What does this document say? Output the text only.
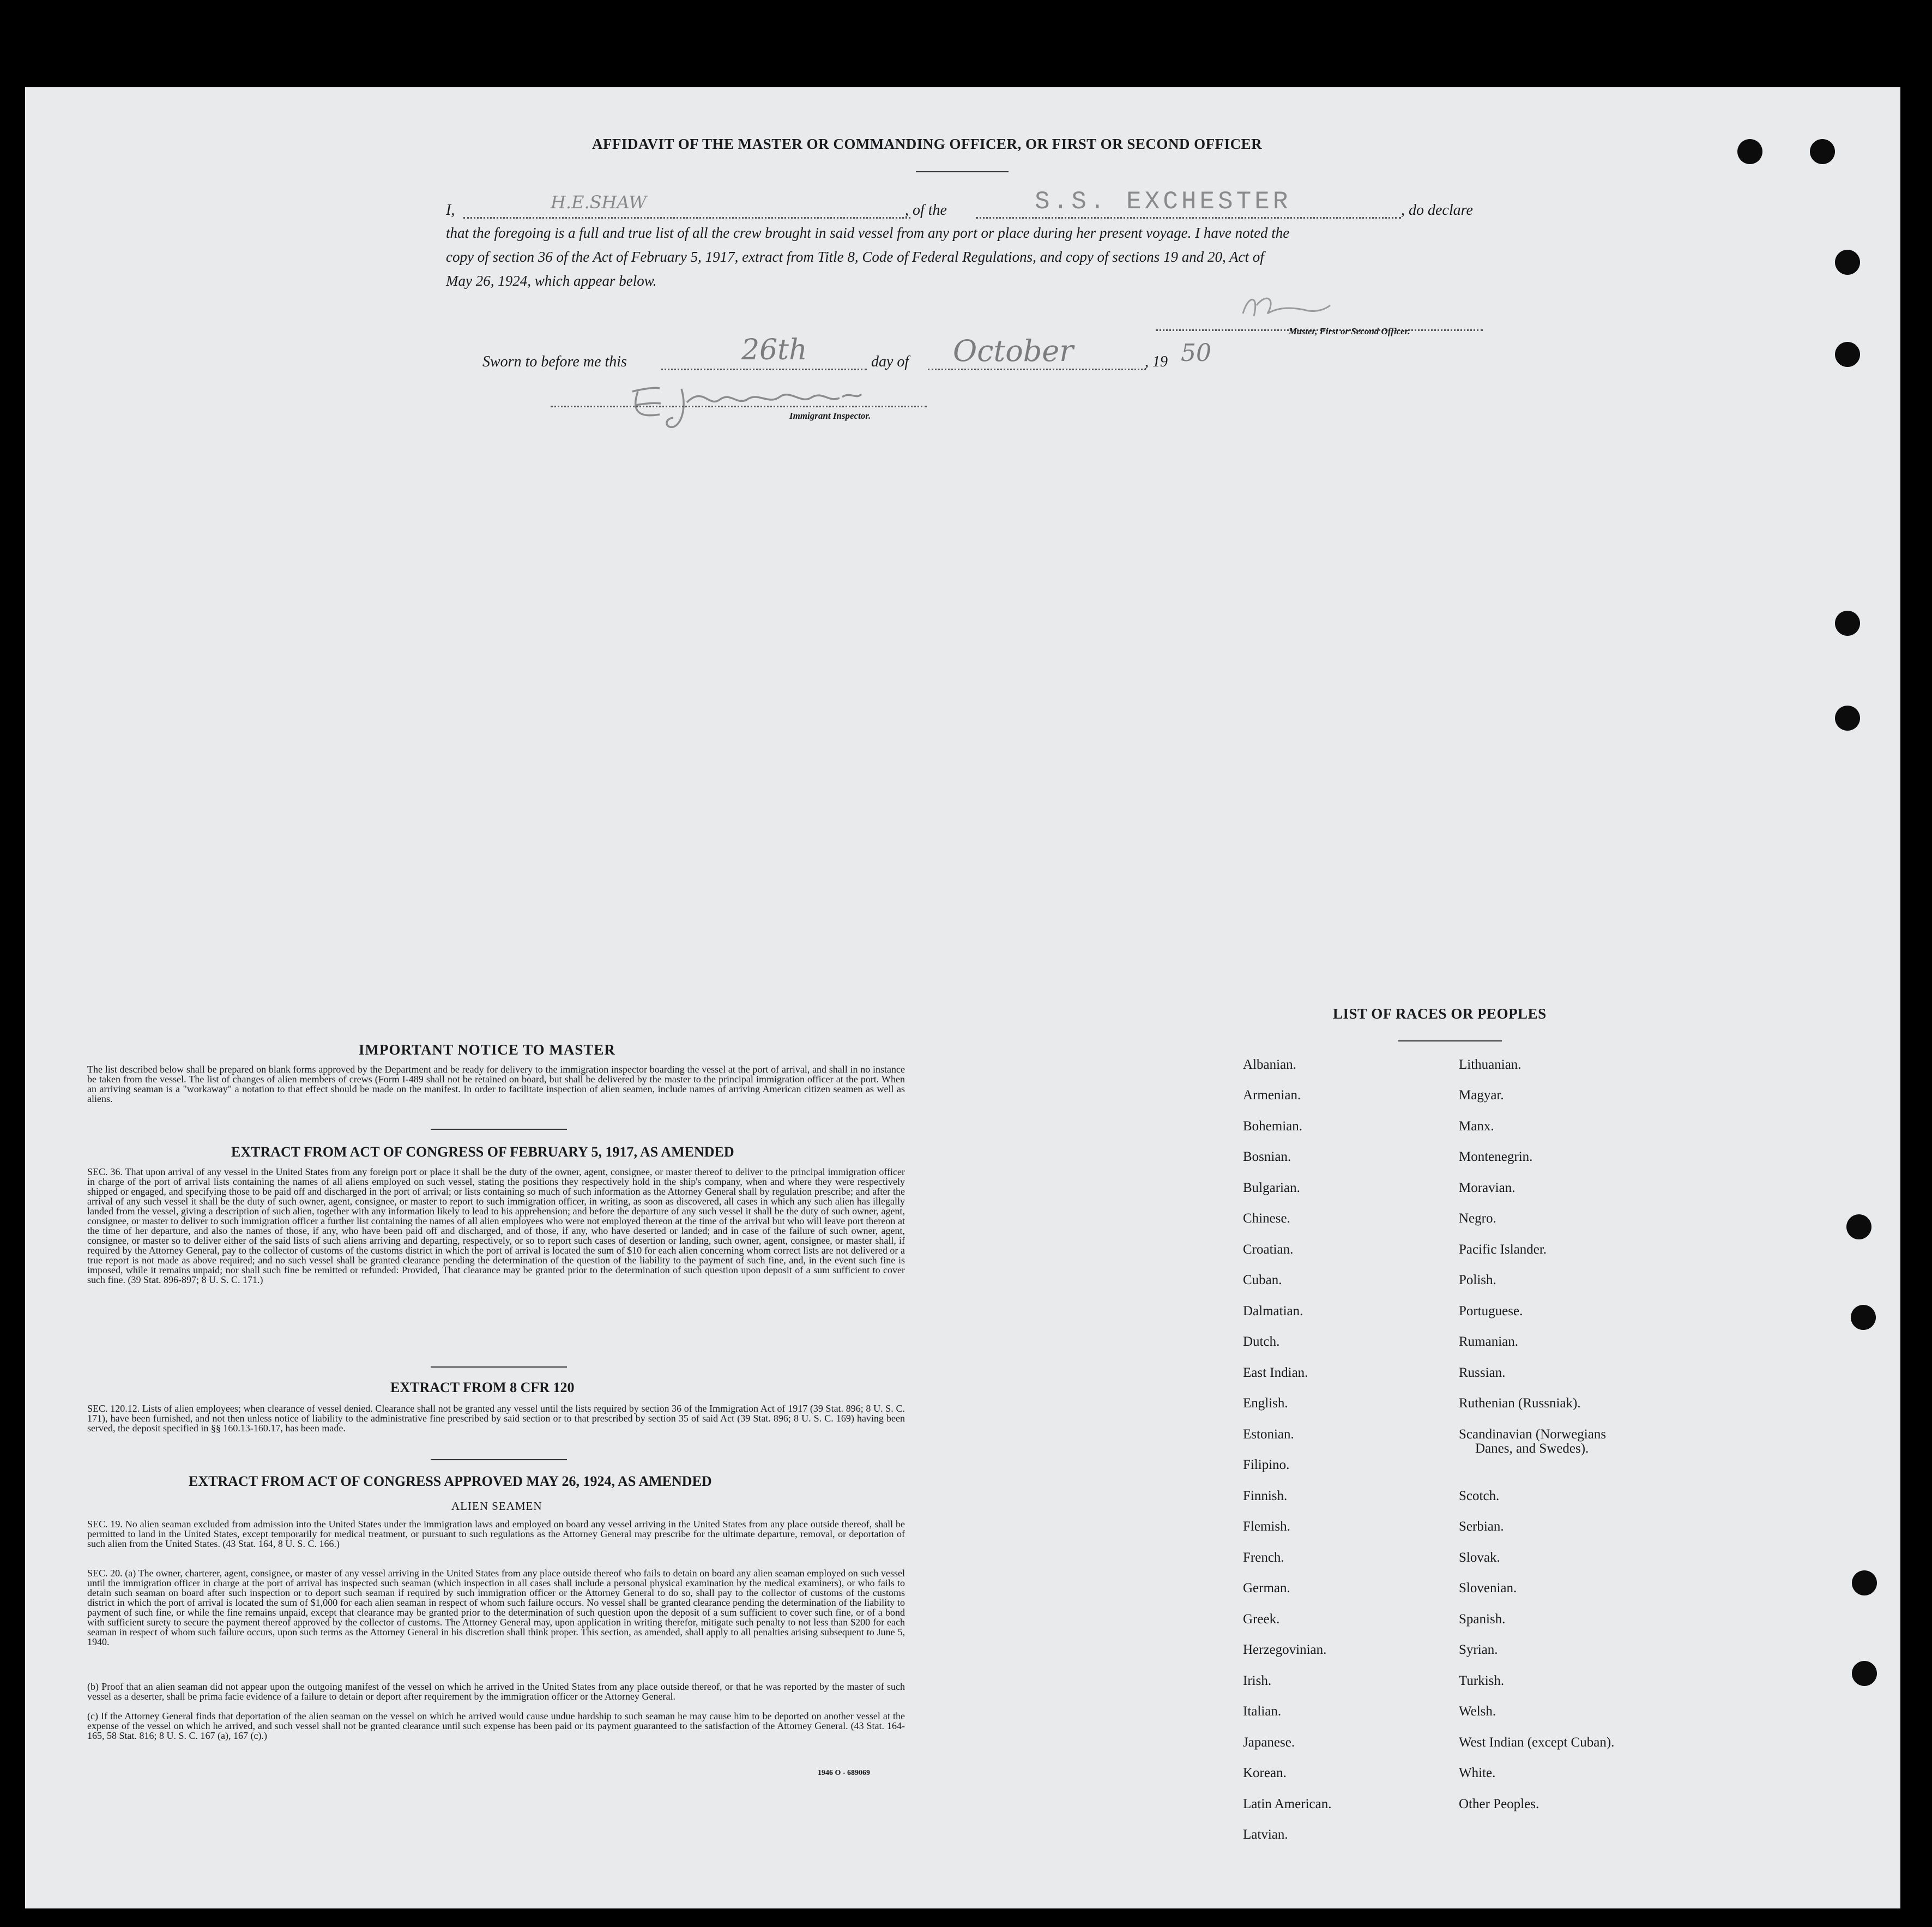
AFFIDAVIT OF THE MASTER OR COMMANDING OFFICER, OR FIRST OR SECOND OFFICER
I,	H.E.SHAW	, of the	S.S. EXCHESTER	, do declare
that the foregoing is a full and true list of all the crew brought in said vessel from any port or place during her present voyage. I have noted the
copy of section 36 of the Act of February 5, 1917, extract from Title 8, Code of Federal Regulations, and copy of sections 19 and 20, Act of
May 26, 1924, which appear below.
Master, First or Second Officer.
Sworn to before me this	26th	day of October	, 19 50
Immigrant Inspector.
IMPORTANT NOTICE TO MASTER
The list described below shall be prepared on blank forms approved by the Department and be ready for delivery to the immigration inspector boarding the vessel at the port of arrival, and shall in no instance be taken from the vessel. The list of changes of alien members of crews (Form I-489 shall not be retained on board, but shall be delivered by the master to the principal immigration officer at the port. When an arriving seaman is a "workaway" a notation to that effect should be made on the manifest. In order to facilitate inspection of alien seamen, include names of arriving American citizen seamen as well as aliens.
EXTRACT FROM ACT OF CONGRESS OF FEBRUARY 5, 1917, AS AMENDED
SEC. 36. That upon arrival of any vessel in the United States from any foreign port or place it shall be the duty of the owner, agent, consignee, or master thereof to deliver to the principal immigration officer in charge of the port of arrival lists containing the names of all aliens employed on such vessel, stating the positions they respectively hold in the ship's company, when and where they were respectively shipped or engaged, and specifying those to be paid off and discharged in the port of arrival; or lists containing so much of such information as the Attorney General shall by regulation prescribe; and after the arrival of any such vessel it shall be the duty of such owner, agent, consignee, or master to report to such immigration officer, in writing, as soon as discovered, all cases in which any such alien has illegally landed from the vessel, giving a description of such alien, together with any information likely to lead to his apprehension; and before the departure of any such vessel it shall be the duty of such owner, agent, consignee, or master to deliver to such immigration officer a further list containing the names of all alien employees who were not employed thereon at the time of the arrival but who will leave port thereon at the time of her departure, and also the names of those, if any, who have been paid off and discharged, and of those, if any, who have deserted or landed; and in case of the failure of such owner, agent, consignee, or master so to deliver either of the said lists of such aliens arriving and departing, respectively, or so to report such cases of desertion or landing, such owner, agent, consignee, or master shall, if required by the Attorney General, pay to the collector of customs of the customs district in which the port of arrival is located the sum of $10 for each alien concerning whom correct lists are not delivered or a true report is not made as above required; and no such vessel shall be granted clearance pending the determination of the question of the liability to the payment of such fine, and, in the event such fine is imposed, while it remains unpaid; nor shall such fine be remitted or refunded: Provided, That clearance may be granted prior to the determination of such question upon deposit of a sum sufficient to cover such fine. (39 Stat. 896-897; 8 U. S. C. 171.)
EXTRACT FROM 8 CFR 120
SEC. 120.12. Lists of alien employees; when clearance of vessel denied. Clearance shall not be granted any vessel until the lists required by section 36 of the Immigration Act of 1917 (39 Stat. 896; 8 U. S. C. 171), have been furnished, and not then unless notice of liability to the administrative fine prescribed by said section or to that prescribed by section 35 of said Act (39 Stat. 896; 8 U. S. C. 169) having been served, the deposit specified in §§ 160.13-160.17, has been made.
EXTRACT FROM ACT OF CONGRESS APPROVED MAY 26, 1924, AS AMENDED
ALIEN SEAMEN
SEC. 19. No alien seaman excluded from admission into the United States under the immigration laws and employed on board any vessel arriving in the United States from any place outside thereof, shall be permitted to land in the United States, except temporarily for medical treatment, or pursuant to such regulations as the Attorney General may prescribe for the ultimate departure, removal, or deportation of such alien from the United States. (43 Stat. 164, 8 U. S. C. 166.)
SEC. 20. (a) The owner, charterer, agent, consignee, or master of any vessel arriving in the United States from any place outside thereof who fails to detain on board any alien seaman employed on such vessel until the immigration officer in charge at the port of arrival has inspected such seaman (which inspection in all cases shall include a personal physical examination by the medical examiners), or who fails to detain such seaman on board after such inspection or to deport such seaman if required by such immigration officer or the Attorney General to do so, shall pay to the collector of customs of the customs district in which the port of arrival is located the sum of $1,000 for each alien seaman in respect of whom such failure occurs. No vessel shall be granted clearance pending the determination of the liability to payment of such fine, or while the fine remains unpaid, except that clearance may be granted prior to the determination of such question upon the deposit of a sum sufficient to cover such fine, or of a bond with sufficient surety to secure the payment thereof approved by the collector of customs. The Attorney General may, upon application in writing therefor, mitigate such penalty to not less than $200 for each seaman in respect of whom such failure occurs, upon such terms as the Attorney General in his discretion shall think proper. This section, as amended, shall apply to all penalties arising subsequent to June 5, 1940.
(b) Proof that an alien seaman did not appear upon the outgoing manifest of the vessel on which he arrived in the United States from any place outside thereof, or that he was reported by the master of such vessel as a deserter, shall be prima facie evidence of a failure to detain or deport after requirement by the immigration officer or the Attorney General.
(c) If the Attorney General finds that deportation of the alien seaman on the vessel on which he arrived would cause undue hardship to such seaman he may cause him to be deported on another vessel at the expense of the vessel on which he arrived, and such vessel shall not be granted clearance until such expense has been paid or its payment guaranteed to the satisfaction of the Attorney General. (43 Stat. 164-165, 58 Stat. 816; 8 U. S. C. 167 (a), 167 (c).)
1946 O - 689069
LIST OF RACES OR PEOPLES
Albanian.
Armenian.
Bohemian.
Bosnian.
Bulgarian.
Chinese.
Croatian.
Cuban.
Dalmatian.
Dutch.
East Indian.
English.
Estonian.
Filipino.
Finnish.
Flemish.
French.
German.
Greek.
Herzegovinian.
Irish.
Italian.
Japanese.
Korean.
Latin American.
Latvian.
Lithuanian.
Magyar.
Manx.
Montenegrin.
Moravian.
Negro.
Pacific Islander.
Polish.
Portuguese.
Rumanian.
Russian.
Ruthenian (Russniak).
Scandinavian (Norwegians
Danes, and Swedes).
Scotch.
Serbian.
Slovak.
Slovenian.
Spanish.
Syrian.
Turkish.
Welsh.
West Indian (except Cuban).
White.
Other Peoples.
